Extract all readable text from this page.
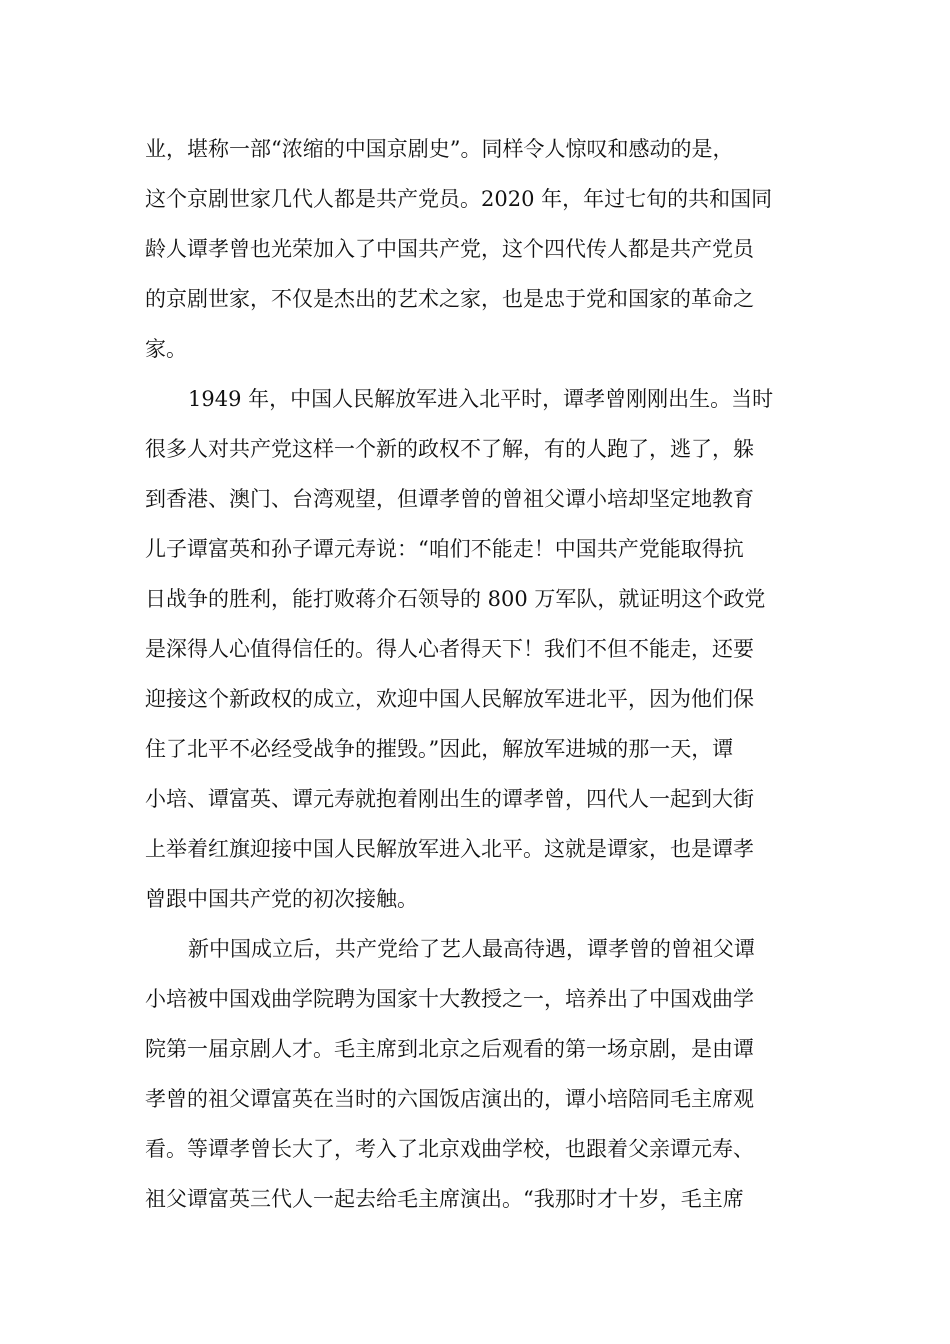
业，堪称一部“浓缩的中国京剧史”。同样令人惊叹和感动的是，
这个京剧世家几代人都是共产党员。2020 年，年过七旬的共和国同
龄人谭孝曾也光荣加入了中国共产党，这个四代传人都是共产党员
的京剧世家，不仅是杰出的艺术之家，也是忠于党和国家的革命之
家。
1949 年，中国人民解放军进入北平时，谭孝曾刚刚出生。当时
很多人对共产党这样一个新的政权不了解，有的人跑了，逃了，躲
到香港、澳门、台湾观望，但谭孝曾的曾祖父谭小培却坚定地教育
儿子谭富英和孙子谭元寿说：“咱们不能走！中国共产党能取得抗
日战争的胜利，能打败蒋介石领导的 800 万军队，就证明这个政党
是深得人心值得信任的。得人心者得天下！我们不但不能走，还要
迎接这个新政权的成立，欢迎中国人民解放军进北平，因为他们保
住了北平不必经受战争的摧毁。”因此，解放军进城的那一天，谭
小培、谭富英、谭元寿就抱着刚出生的谭孝曾，四代人一起到大街
上举着红旗迎接中国人民解放军进入北平。这就是谭家，也是谭孝
曾跟中国共产党的初次接触。
新中国成立后，共产党给了艺人最高待遇，谭孝曾的曾祖父谭
小培被中国戏曲学院聘为国家十大教授之一，培养出了中国戏曲学
院第一届京剧人才。毛主席到北京之后观看的第一场京剧，是由谭
孝曾的祖父谭富英在当时的六国饭店演出的，谭小培陪同毛主席观
看。等谭孝曾长大了，考入了北京戏曲学校，也跟着父亲谭元寿、
祖父谭富英三代人一起去给毛主席演出。“我那时才十岁，毛主席
